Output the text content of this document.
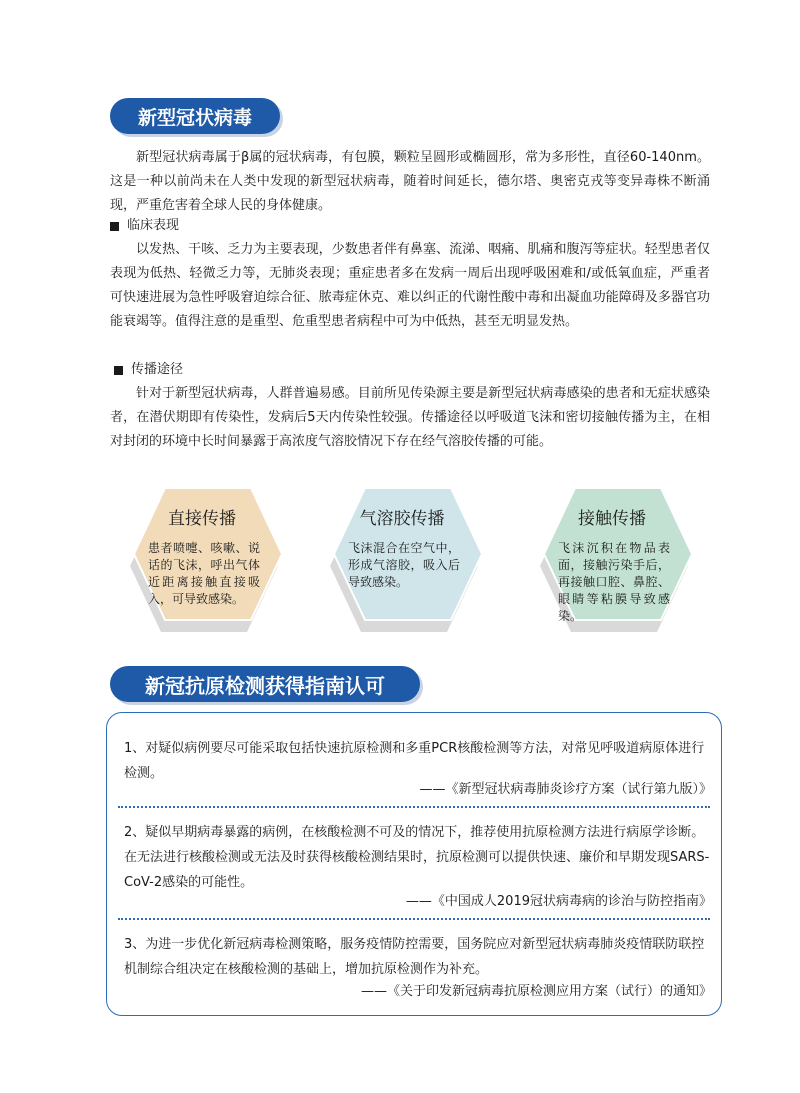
新型冠状病毒

新型冠状病毒属于β属的冠状病毒，有包膜，颗粒呈圆形或椭圆形，常为多形性，直径60-140nm。这是一种以前尚未在人类中发现的新型冠状病毒，随着时间延长，德尔塔、奥密克戎等变异毒株不断涌现，严重危害着全球人民的身体健康。

临床表现

以发热、干咳、乏力为主要表现，少数患者伴有鼻塞、流涕、咽痛、肌痛和腹泻等症状。轻型患者仅表现为低热、轻微乏力等，无肺炎表现；重症患者多在发病一周后出现呼吸困难和/或低氧血症，严重者可快速进展为急性呼吸窘迫综合征、脓毒症休克、难以纠正的代谢性酸中毒和出凝血功能障碍及多器官功能衰竭等。值得注意的是重型、危重型患者病程中可为中低热，甚至无明显发热。

传播途径

针对于新型冠状病毒，人群普遍易感。目前所见传染源主要是新型冠状病毒感染的患者和无症状感染者，在潜伏期即有传染性，发病后5天内传染性较强。传播途径以呼吸道飞沫和密切接触传播为主，在相对封闭的环境中长时间暴露于高浓度气溶胶情况下存在经气溶胶传播的可能。

直接传播
患者喷嚏、咳嗽、说话的飞沫，呼出气体近距离接触直接吸入，可导致感染。
气溶胶传播
飞沫混合在空气中，形成气溶胶，吸入后导致感染。
接触传播
飞沫沉积在物品表面，接触污染手后，再接触口腔、鼻腔、眼睛等粘膜导致感染。
新冠抗原检测获得指南认可

1、对疑似病例要尽可能采取包括快速抗原检测和多重PCR核酸检测等方法，对常见呼吸道病原体进行检测。

——《新型冠状病毒肺炎诊疗方案（试行第九版）》

2、疑似早期病毒暴露的病例，在核酸检测不可及的情况下，推荐使用抗原检测方法进行病原学诊断。在无法进行核酸检测或无法及时获得核酸检测结果时，抗原检测可以提供快速、廉价和早期发现SARS-CoV-2感染的可能性。

——《中国成人2019冠状病毒病的诊治与防控指南》

3、为进一步优化新冠病毒检测策略，服务疫情防控需要，国务院应对新型冠状病毒肺炎疫情联防联控机制综合组决定在核酸检测的基础上，增加抗原检测作为补充。

——《关于印发新冠病毒抗原检测应用方案（试行）的通知》
